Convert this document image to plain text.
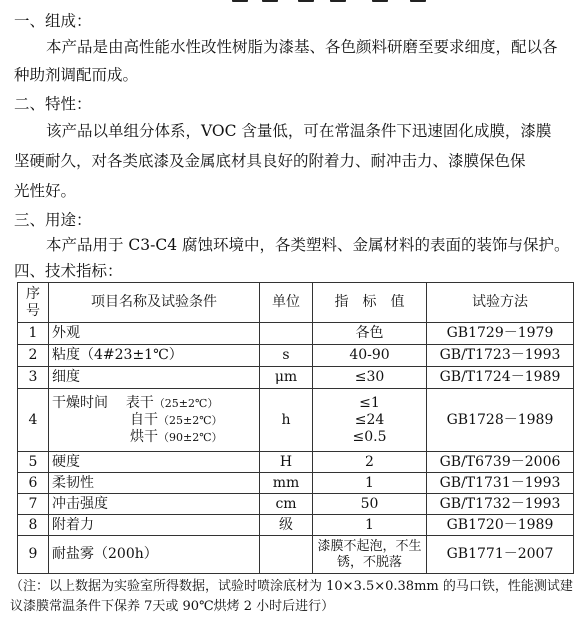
一、组成：
本产品是由高性能水性改性树脂为漆基、各色颜料研磨至要求细度，配以各
种助剂调配而成。
二、特性：
该产品以单组分体系，VOC 含量低，可在常温条件下迅速固化成膜，漆膜
坚硬耐久，对各类底漆及金属底材具良好的附着力、耐冲击力、漆膜保色保
光性好。
三、用途：
本产品用于 C3-C4 腐蚀环境中，各类塑料、金属材料的表面的装饰与保护。
四、技术指标：
序
号	项目名称及试验条件	单位	指　标　值	试验方法
1	外观		各色	GB1729－1979
2	粘度（4#23±1℃）	s	40-90	GB/T1723－1993
3	细度	μm	≤30	GB/T1724－1989
4	干燥时间 表干（25±2℃）
自干（25±2℃）
烘干（90±2℃）	h	≤1
≤24
≤0.5	GB1728－1989
5	硬度	H	2	GB/T6739－2006
6	柔韧性	mm	1	GB/T1731－1993
7	冲击强度	cm	50	GB/T1732－1993
8	附着力	级	1	GB1720－1989
9	耐盐雾（200h）		漆膜不起泡，不生
锈，不脱落	GB1771－2007
（注：以上数据为实验室所得数据，试验时喷涂底材为 10×3.5×0.38mm 的马口铁，性能测试建议漆膜常温条件下保养 7天或 90℃烘烤 2 小时后进行）
